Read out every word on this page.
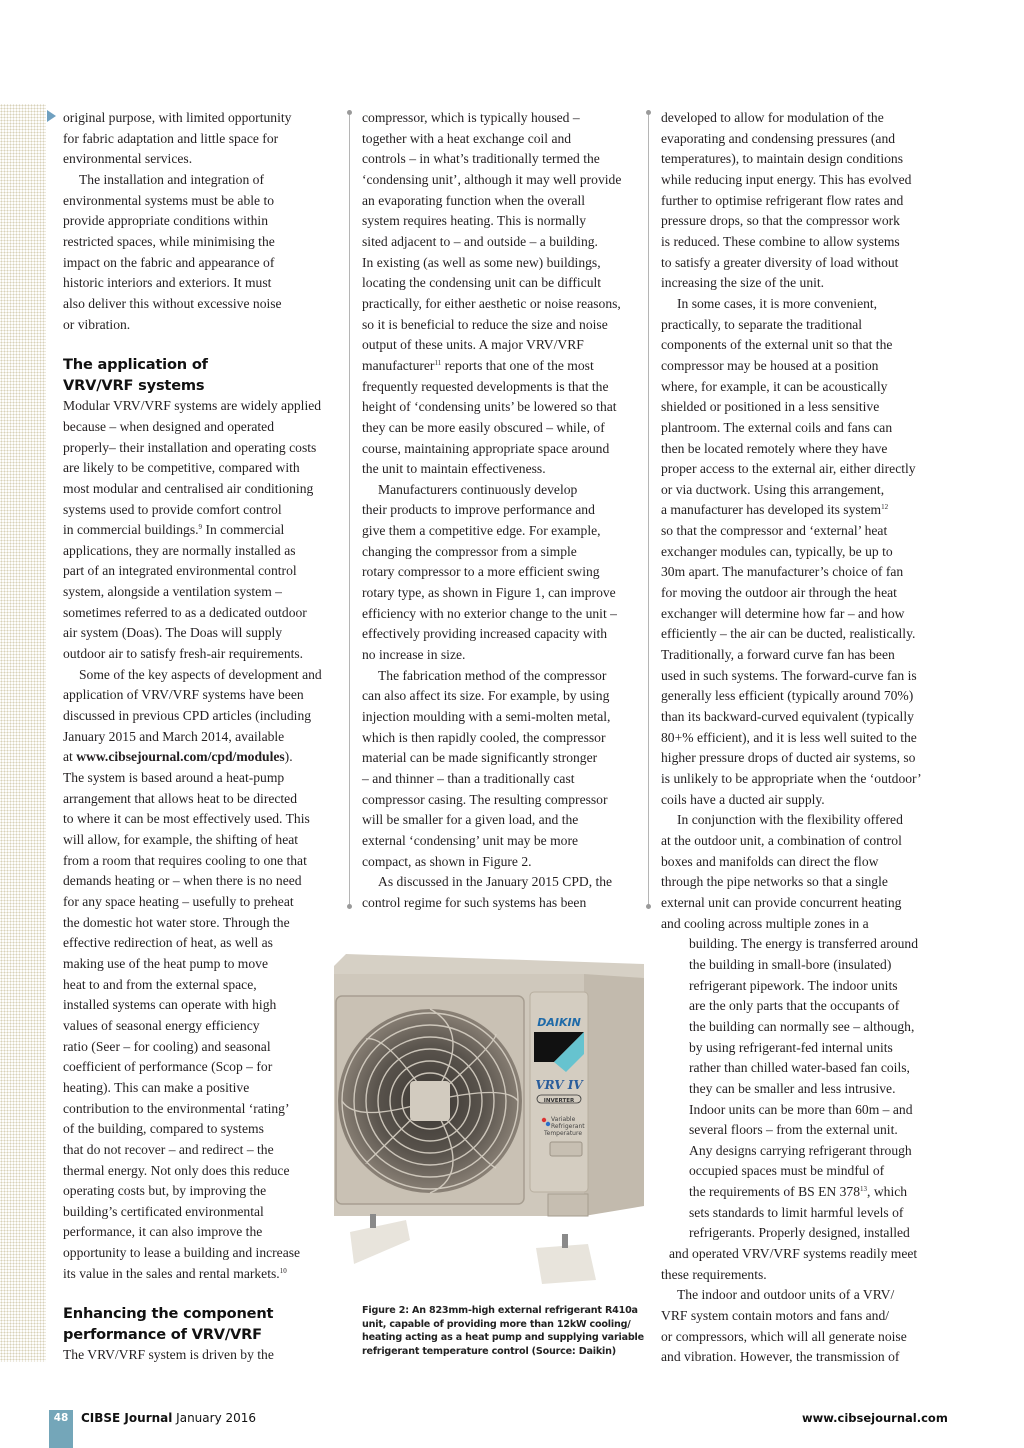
original purpose, with limited opportunity
for fabric adaptation and little space for
environmental services.

The installation and integration of
environmental systems must be able to
provide appropriate conditions within
restricted spaces, while minimising the
impact on the fabric and appearance of
historic interiors and exteriors. It must
also deliver this without excessive noise
or vibration.

The application of
VRV/VRF systems

Modular VRV/VRF systems are widely applied
because – when designed and operated
properly– their installation and operating costs
are likely to be competitive, compared with
most modular and centralised air conditioning
systems used to provide comfort control
in commercial buildings.$^9$ In commercial
applications, they are normally installed as
part of an integrated environmental control
system, alongside a ventilation system –
sometimes referred to as a dedicated outdoor
air system (Doas). The Doas will supply
outdoor air to satisfy fresh-air requirements.

Some of the key aspects of development and
application of VRV/VRF systems have been
discussed in previous CPD articles (including
January 2015 and March 2014, available
at www.cibsejournal.com/cpd/modules).
The system is based around a heat-pump
arrangement that allows heat to be directed
to where it can be most effectively used. This
will allow, for example, the shifting of heat
from a room that requires cooling to one that
demands heating or – when there is no need
for any space heating – usefully to preheat
the domestic hot water store. Through the
effective redirection of heat, as well as
making use of the heat pump to move
heat to and from the external space,
installed systems can operate with high
values of seasonal energy efficiency
ratio (Seer – for cooling) and seasonal
coefficient of performance (Scop – for
heating). This can make a positive
contribution to the environmental ‘rating’
of the building, compared to systems
that do not recover – and redirect – the
thermal energy. Not only does this reduce
operating costs but, by improving the
building’s certificated environmental
performance, it can also improve the
opportunity to lease a building and increase
its value in the sales and rental markets.$^{10}$

Enhancing the component
performance of VRV/VRF

The VRV/VRF system is driven by the

compressor, which is typically housed –
together with a heat exchange coil and
controls – in what’s traditionally termed the
‘condensing unit’, although it may well provide
an evaporating function when the overall
system requires heating. This is normally
sited adjacent to – and outside – a building.
In existing (as well as some new) buildings,
locating the condensing unit can be difficult
practically, for either aesthetic or noise reasons,
so it is beneficial to reduce the size and noise
output of these units. A major VRV/VRF
manufacturer$^{11}$ reports that one of the most
frequently requested developments is that the
height of ‘condensing units’ be lowered so that
they can be more easily obscured – while, of
course, maintaining appropriate space around
the unit to maintain effectiveness.

Manufacturers continuously develop
their products to improve performance and
give them a competitive edge. For example,
changing the compressor from a simple
rotary compressor to a more efficient swing
rotary type, as shown in Figure 1, can improve
efficiency with no exterior change to the unit –
effectively providing increased capacity with
no increase in size.

The fabrication method of the compressor
can also affect its size. For example, by using
injection moulding with a semi-molten metal,
which is then rapidly cooled, the compressor
material can be made significantly stronger
– and thinner – than a traditionally cast
compressor casing. The resulting compressor
will be smaller for a given load, and the
external ‘condensing’ unit may be more
compact, as shown in Figure 2.

As discussed in the January 2015 CPD, the
control regime for such systems has been

DAIKIN
VRV IV
INVERTER
Variable
Refrigerant
Temperature
Figure 2: An 823mm-high external refrigerant R410a unit, capable of providing more than 12kW cooling/ heating acting as a heat pump and supplying variable refrigerant temperature control (Source: Daikin)

developed to allow for modulation of the
evaporating and condensing pressures (and
temperatures), to maintain design conditions
while reducing input energy. This has evolved
further to optimise refrigerant flow rates and
pressure drops, so that the compressor work
is reduced. These combine to allow systems
to satisfy a greater diversity of load without
increasing the size of the unit.

In some cases, it is more convenient,
practically, to separate the traditional
components of the external unit so that the
compressor may be housed at a position
where, for example, it can be acoustically
shielded or positioned in a less sensitive
plantroom. The external coils and fans can
then be located remotely where they have
proper access to the external air, either directly
or via ductwork. Using this arrangement,
a manufacturer has developed its system$^{12}$
so that the compressor and ‘external’ heat
exchanger modules can, typically, be up to
30m apart. The manufacturer’s choice of fan
for moving the outdoor air through the heat
exchanger will determine how far – and how
efficiently – the air can be ducted, realistically.
Traditionally, a forward curve fan has been
used in such systems. The forward-curve fan is
generally less efficient (typically around 70%)
than its backward-curved equivalent (typically
80+% efficient), and it is less well suited to the
higher pressure drops of ducted air systems, so
is unlikely to be appropriate when the ‘outdoor’
coils have a ducted air supply.

In conjunction with the flexibility offered
at the outdoor unit, a combination of control
boxes and manifolds can direct the flow
through the pipe networks so that a single
external unit can provide concurrent heating
and cooling across multiple zones in a
building. The energy is transferred around
the building in small-bore (insulated)
refrigerant pipework. The indoor units
are the only parts that the occupants of
the building can normally see – although,
by using refrigerant-fed internal units
rather than chilled water-based fan coils,
they can be smaller and less intrusive.
Indoor units can be more than 60m – and
several floors – from the external unit.
Any designs carrying refrigerant through
occupied spaces must be mindful of
the requirements of BS EN $378^{13}$, which
sets standards to limit harmful levels of
refrigerants. Properly designed, installed
and operated VRV/VRF systems readily meet
these requirements.

The indoor and outdoor units of a VRV/
VRF system contain motors and fans and/
or compressors, which will all generate noise
and vibration. However, the transmission of

48	CIBSE Journal January 2016	www.cibsejournal.com
